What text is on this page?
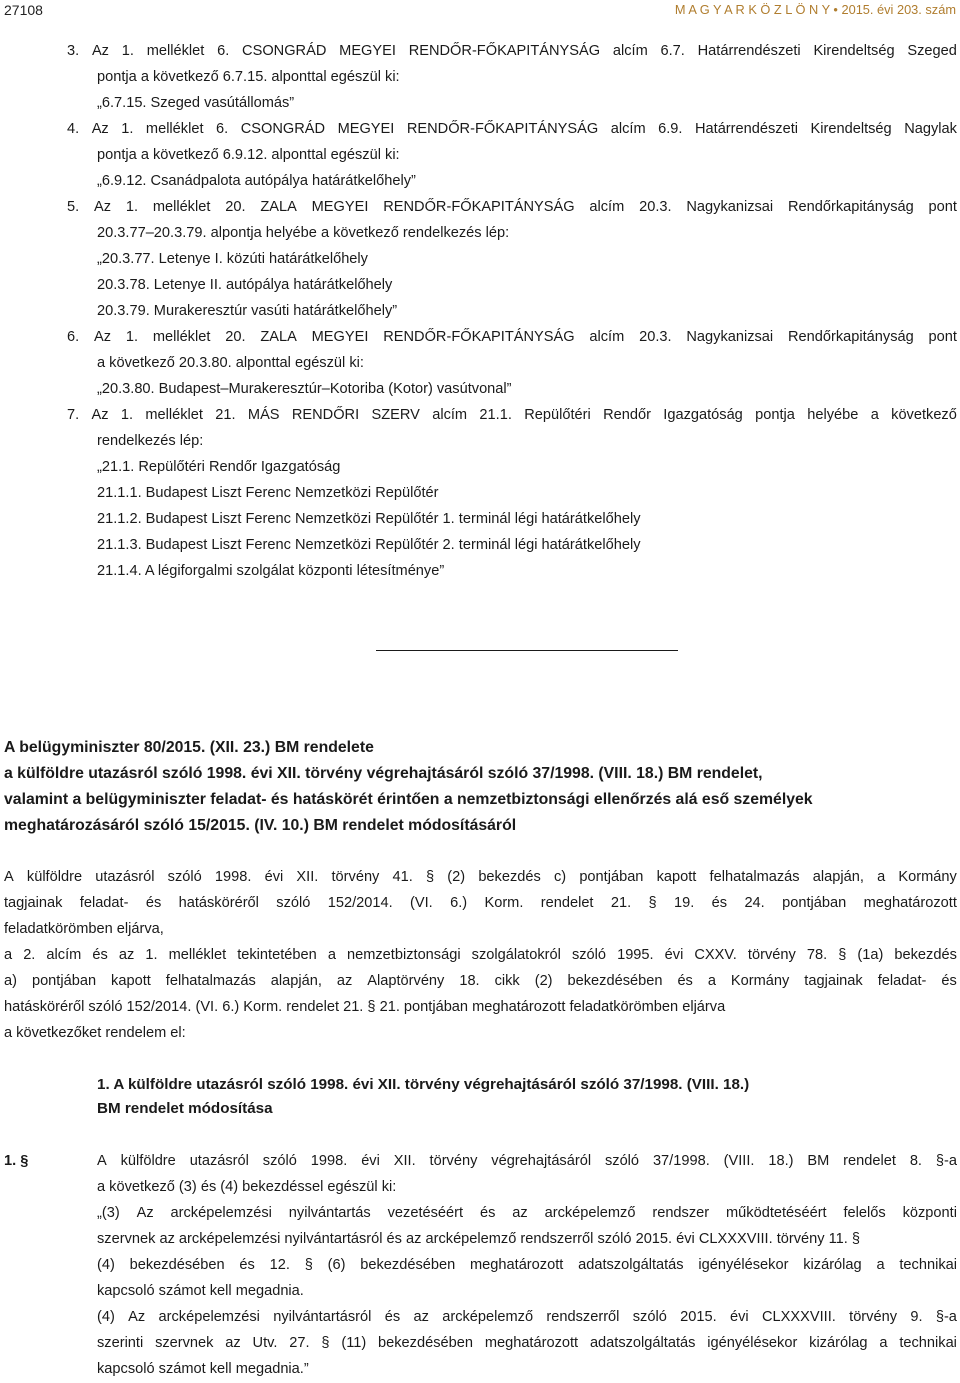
27108	M A G Y A R K Ö Z L Ö N Y • 2015. évi 203. szám
3. Az 1. melléklet 6. CSONGRÁD MEGYEI RENDŐR-FŐKAPITÁNYSÁG alcím 6.7. Határrendészeti Kirendeltség Szeged
pontja a következő 6.7.15. alponttal egészül ki:
„6.7.15. Szeged vasútállomás”
4. Az 1. melléklet 6. CSONGRÁD MEGYEI RENDŐR-FŐKAPITÁNYSÁG alcím 6.9. Határrendészeti Kirendeltség Nagylak
pontja a következő 6.9.12. alponttal egészül ki:
„6.9.12. Csanádpalota autópálya határátkelőhely”
5. Az 1. melléklet 20. ZALA MEGYEI RENDŐR-FŐKAPITÁNYSÁG alcím 20.3. Nagykanizsai Rendőrkapitányság pont
20.3.77–20.3.79. alpontja helyébe a következő rendelkezés lép:
„20.3.77. Letenye I. közúti határátkelőhely
20.3.78. Letenye II. autópálya határátkelőhely
20.3.79. Murakeresztúr vasúti határátkelőhely”
6. Az 1. melléklet 20. ZALA MEGYEI RENDŐR-FŐKAPITÁNYSÁG alcím 20.3. Nagykanizsai Rendőrkapitányság pont
a következő 20.3.80. alponttal egészül ki:
„20.3.80. Budapest–Murakeresztúr–Kotoriba (Kotor) vasútvonal”
7. Az 1. melléklet 21. MÁS RENDŐRI SZERV alcím 21.1. Repülőtéri Rendőr Igazgatóság pontja helyébe a következő
rendelkezés lép:
„21.1. Repülőtéri Rendőr Igazgatóság
21.1.1. Budapest Liszt Ferenc Nemzetközi Repülőtér
21.1.2. Budapest Liszt Ferenc Nemzetközi Repülőtér 1. terminál légi határátkelőhely
21.1.3. Budapest Liszt Ferenc Nemzetközi Repülőtér 2. terminál légi határátkelőhely
21.1.4. A légiforgalmi szolgálat központi létesítménye”
A belügyminiszter 80/2015. (XII. 23.) BM rendelete
a külföldre utazásról szóló 1998. évi XII. törvény végrehajtásáról szóló 37/1998. (VIII. 18.) BM rendelet,
valamint a belügyminiszter feladat- és hatáskörét érintően a nemzetbiztonsági ellenőrzés alá eső személyek
meghatározásáról szóló 15/2015. (IV. 10.) BM rendelet módosításáról
A külföldre utazásról szóló 1998. évi XII. törvény 41. § (2) bekezdés c) pontjában kapott felhatalmazás alapján, a Kormány
tagjainak feladat- és hatásköréről szóló 152/2014. (VI. 6.) Korm. rendelet 21. § 19. és 24. pontjában meghatározott
feladatkörömben eljárva,
a 2. alcím és az 1. melléklet tekintetében a nemzetbiztonsági szolgálatokról szóló 1995. évi CXXV. törvény 78. § (1a) bekezdés
a) pontjában kapott felhatalmazás alapján, az Alaptörvény 18. cikk (2) bekezdésében és a Kormány tagjainak feladat- és
hatásköréről szóló 152/2014. (VI. 6.) Korm. rendelet 21. § 21. pontjában meghatározott feladatkörömben eljárva
a következőket rendelem el:
1. A külföldre utazásról szóló 1998. évi XII. törvény végrehajtásáról szóló 37/1998. (VIII. 18.)
BM rendelet módosítása
1. §	A külföldre utazásról szóló 1998. évi XII. törvény végrehajtásáról szóló 37/1998. (VIII. 18.) BM rendelet 8. §-a
a következő (3) és (4) bekezdéssel egészül ki:
„(3) Az arcképelemzési nyilvántartás vezetéséért és az arcképelemző rendszer működtetéséért felelős központi
szervnek az arcképelemzési nyilvántartásról és az arcképelemző rendszerről szóló 2015. évi CLXXXVIII. törvény 11. §
(4) bekezdésében és 12. § (6) bekezdésében meghatározott adatszolgáltatás igényélésekor kizárólag a technikai
kapcsoló számot kell megadnia.
(4) Az arcképelemzési nyilvántartásról és az arcképelemző rendszerről szóló 2015. évi CLXXXVIII. törvény 9. §-a
szerinti szervnek az Utv. 27. § (11) bekezdésében meghatározott adatszolgáltatás igényélésekor kizárólag a technikai
kapcsoló számot kell megadnia.”
